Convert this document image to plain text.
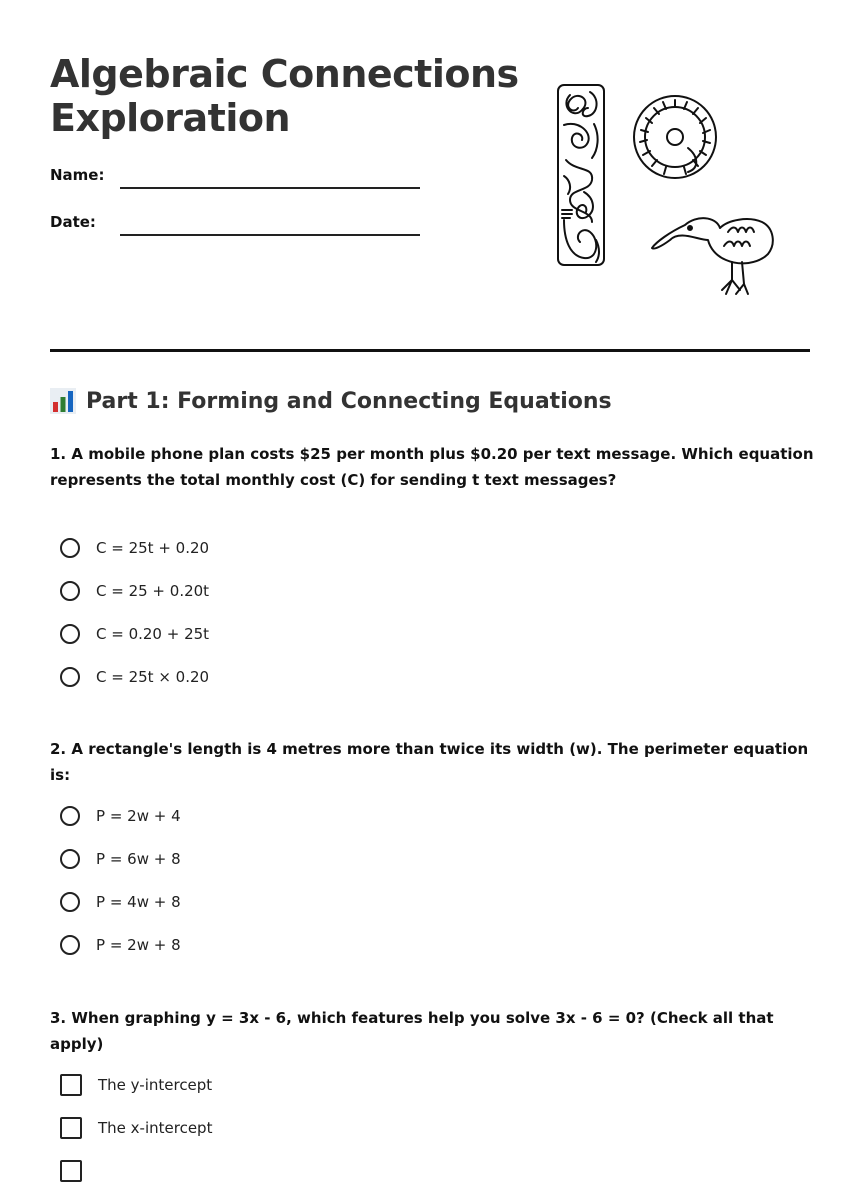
Algebraic Connections
Exploration
Name:
Date:
Part 1: Forming and Connecting Equations

1. A mobile phone plan costs $25 per month plus $0.20 per text message. Which equation represents the total monthly cost (C) for sending t text messages?

C = 25t + 0.20
C = 25 + 0.20t
C = 0.20 + 25t
C = 25t × 0.20

2. A rectangle's length is 4 metres more than twice its width (w). The perimeter equation is:

P = 2w + 4
P = 6w + 8
P = 4w + 8
P = 2w + 8

3. When graphing y = 3x - 6, which features help you solve 3x - 6 = 0? (Check all that apply)

The y-intercept
The x-intercept
